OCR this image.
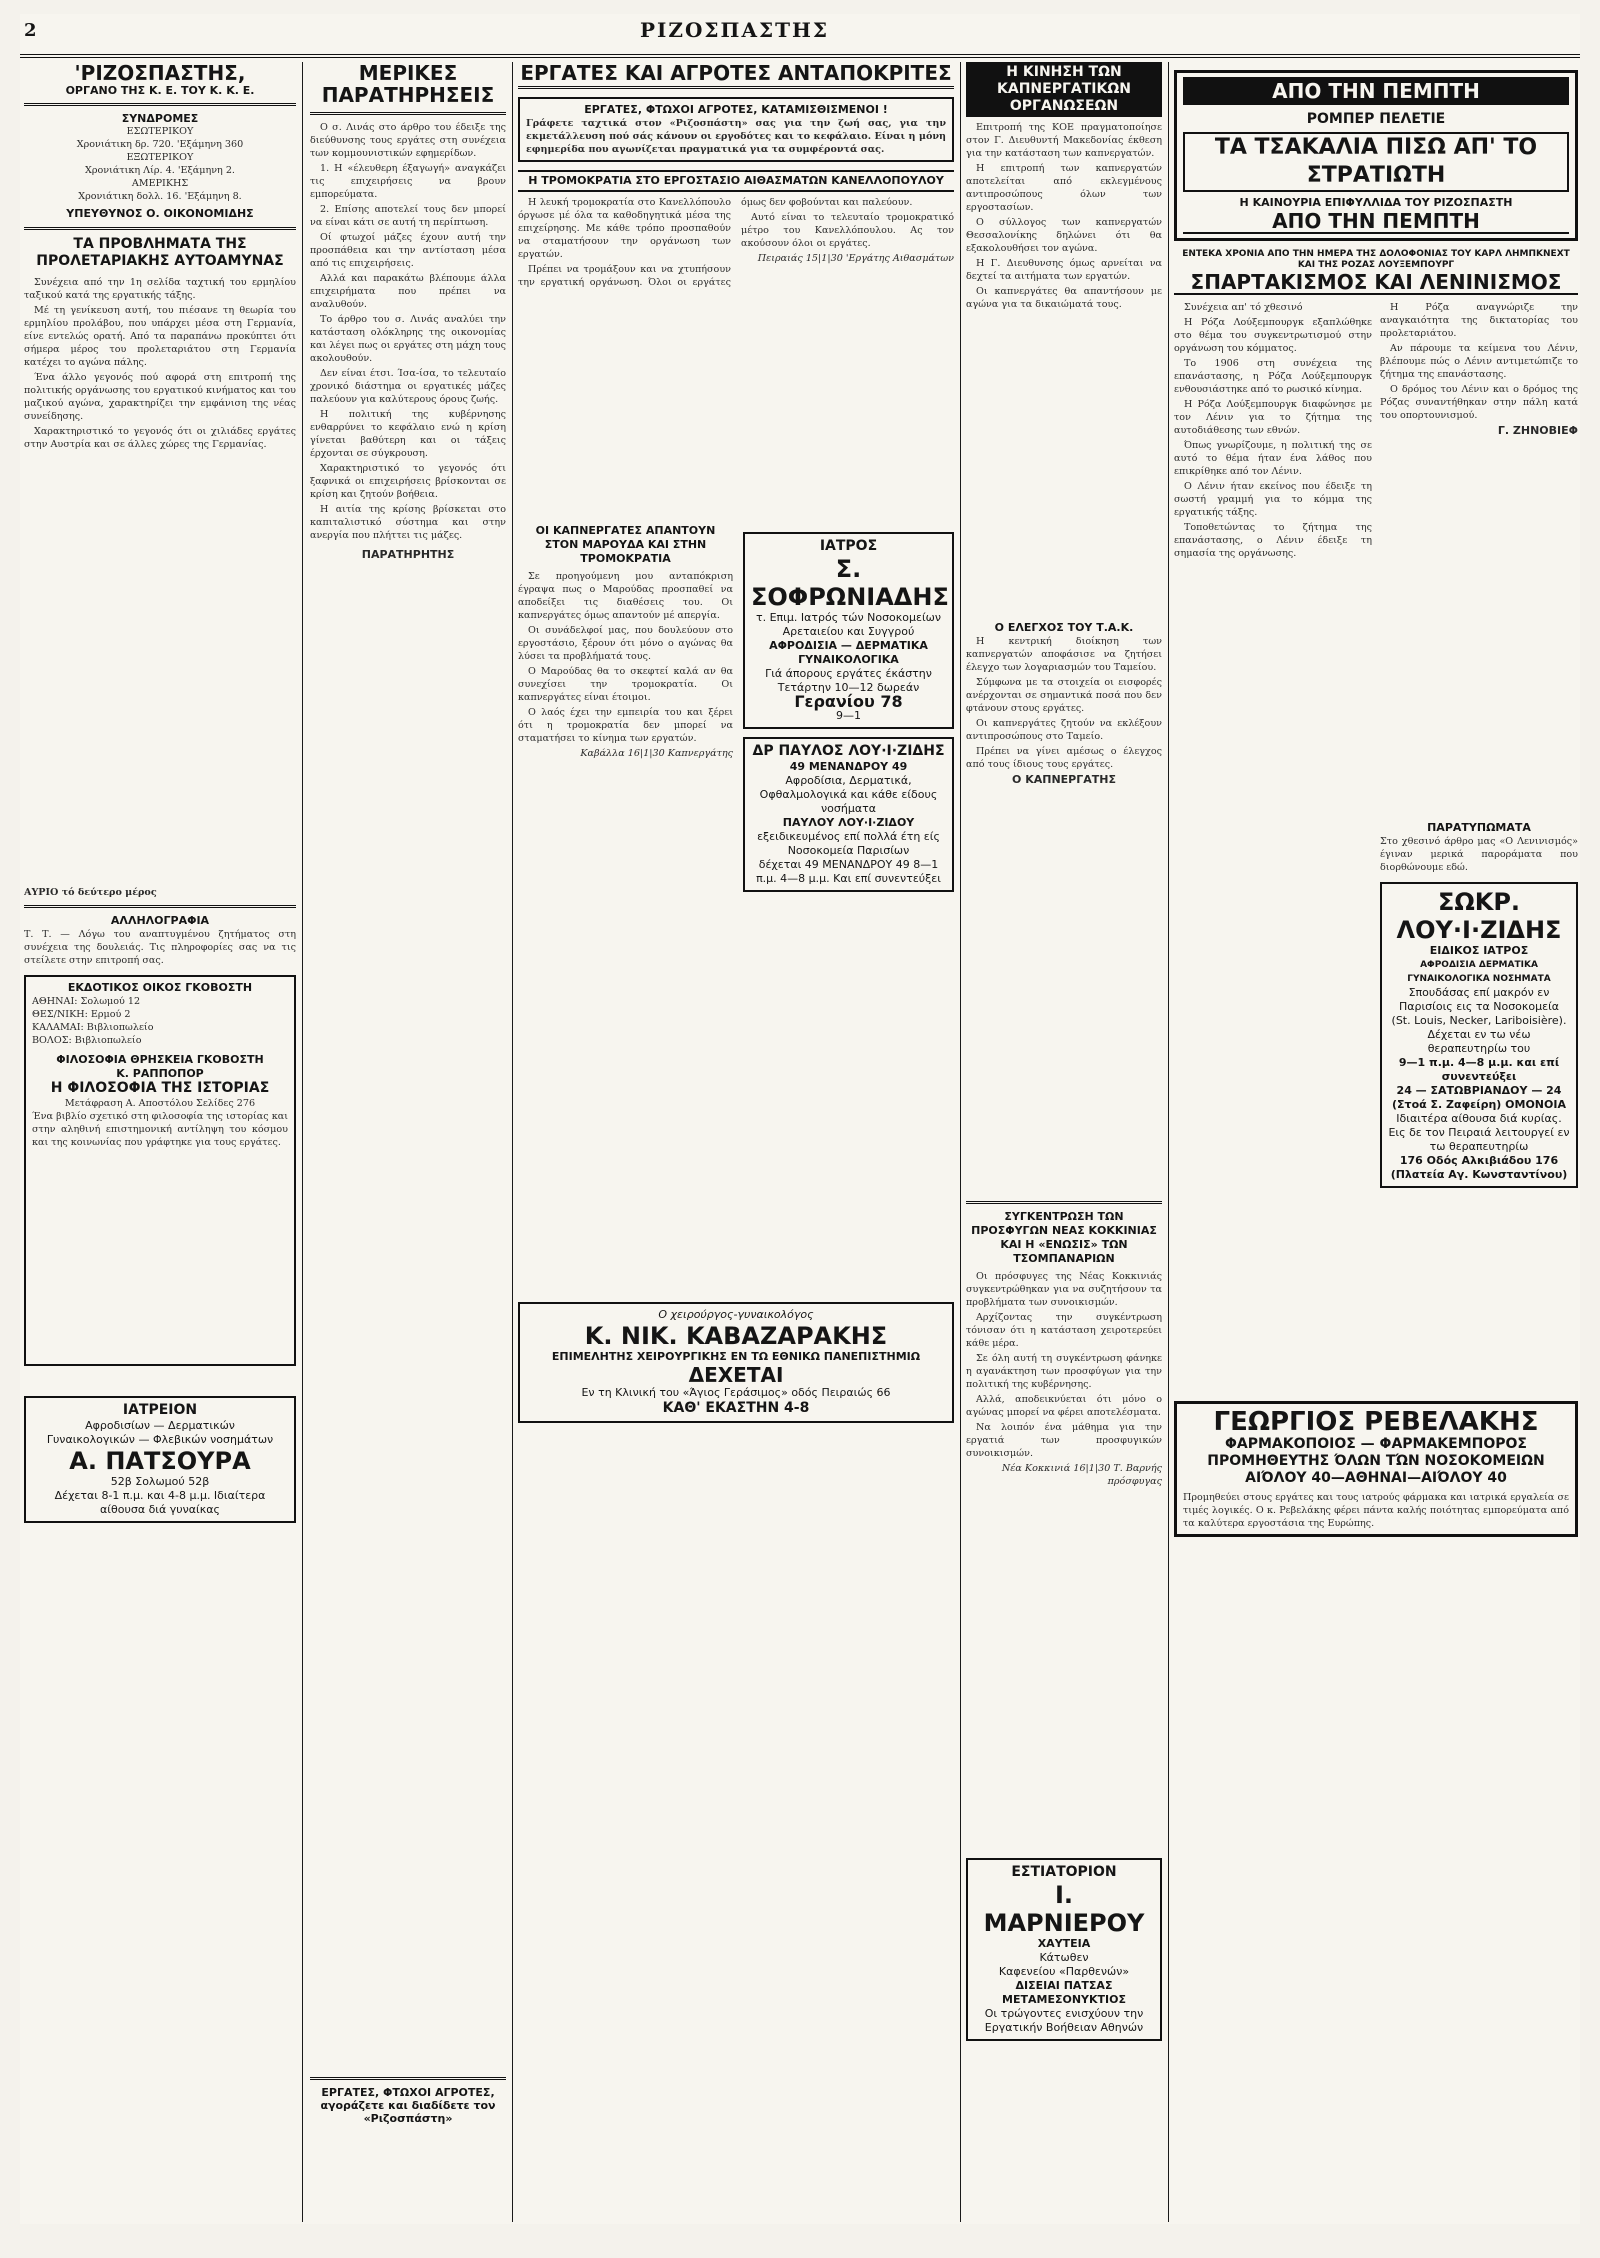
2	ΡΙΖΟΣΠΑΣΤΗΣ
'ΡΙΖΟΣΠΑΣΤΗΣ,
ΟΡΓΑΝΟ ΤΗΣ Κ. Ε. ΤΟΥ Κ. Κ. Ε.
ΣΥΝΔΡΟΜΕΣ
ΕΣΩΤΕΡΙΚΟΥ
Χρονιάτικη δρ. 720. 'Εξάμηνη 360
ΕΞΩΤΕΡΙΚΟΥ
Χρονιάτικη Λίρ. 4. 'Εξάμηνη 2.
ΑΜΕΡΙΚΗΣ
Χρονιάτικη δολλ. 16. 'Εξάμηνη 8.
ΥΠΕΥΘΥΝΟΣ Ο. ΟΙΚΟΝΟΜΙΔΗΣ
ΤΑ ΠΡΟΒΛΗΜΑΤΑ ΤΗΣ ΠΡΟΛΕΤΑΡΙΑΚΗΣ ΑΥΤΟΑΜΥΝΑΣ

Συνέχεια από την 1η σελίδα ταχτική του ερμηλίου ταξικού κατά της εργατικής τάξης.

Μέ τη γενίκευση αυτή, του πιέσανε τη θεωρία του ερμηλίου προλάβου, που υπάρχει μέσα στη Γερμανία, είνε εντελώς ορατή. Από τα παραπάνω προκύπτει ότι σήμερα μέρος του προλεταριάτου στη Γερμανία κατέχει το αγώνα πάλης.

Ένα άλλο γεγονός πού αφορά στη επιτροπή της πολιτικής οργάνωσης του εργατικού κινήματος και του μαζικού αγώνα, χαρακτηρίζει την εμφάνιση της νέας συνείδησης.

Χαρακτηριστικό το γεγονός ότι οι χιλιάδες εργάτες στην Αυστρία και σε άλλες χώρες της Γερμανίας.

ΑΥΡΙΟ τό δεύτερο μέρος
ΑΛΛΗΛΟΓΡΑΦΙΑ
Τ. Τ. — Λόγω του αναπτυγμένου ζητήματος στη συνέχεια της δουλειάς. Τις πληροφορίες σας να τις στείλετε στην επιτροπή σας.
ΕΚΔΟΤΙΚΟΣ ΟΙΚΟΣ ΓΚΟΒΟΣΤΗ
ΑΘΗΝΑΙ: Σολωμού 12
ΘΕΣ/ΝΙΚΗ: Ερμού 2
ΚΑΛΑΜΑΙ: Βιβλιοπωλείο
ΒΟΛΟΣ: Βιβλιοπωλείο
ΦΙΛΟΣΟΦΙΑ ΘΡΗΣΚΕΙΑ ΓΚΟΒΟΣΤΗ
Κ. ΡΑΠΠΟΠΟΡ
Η ΦΙΛΟΣΟΦΙΑ ΤΗΣ ΙΣΤΟΡΙΑΣ
Μετάφραση Α. Αποστόλου Σελίδες 276
Ένα βιβλίο σχετικό στη φιλοσοφία της ιστορίας και στην αληθινή επιστημονική αντίληψη του κόσμου και της κοινωνίας που γράφτηκε για τους εργάτες.
ΙΑΤΡΕΙΟΝ
Αφροδισίων — Δερματικών
Γυναικολογικών — Φλεβικών νοσημάτων
Α. ΠΑΤΣΟΥΡΑ
52β Σολωμού 52β
Δέχεται 8-1 π.μ. και 4-8 μ.μ. Ιδιαίτερα αίθουσα διά γυναίκας
ΜΕΡΙΚΕΣ ΠΑΡΑΤΗΡΗΣΕΙΣ

Ο σ. Λινάς στο άρθρο του έδειξε της διεύθυνσης τους εργάτες στη συνέχεια των κομμουνιστικών εφημερίδων.

1. Η «έλευθερη έξαγωγή» αναγκάζει τις επιχειρήσεις να βρουν εμπορεύματα.

2. Επίσης αποτελεί τους δεν μπορεί να είναι κάτι σε αυτή τη περίπτωση.

Οί φτωχοί μάζες έχουν αυτή την προσπάθεια και την αντίσταση μέσα από τις επιχειρήσεις.

Αλλά και παρακάτω βλέπουμε άλλα επιχειρήματα που πρέπει να αναλυθούν.

Το άρθρο του σ. Λινάς αναλύει την κατάσταση ολόκληρης της οικονομίας και λέγει πως οι εργάτες στη μάχη τους ακολουθούν.

Δεν είναι έτσι. Ίσα-ίσα, το τελευταίο χρονικό διάστημα οι εργατικές μάζες παλεύουν για καλύτερους όρους ζωής.

Η πολιτική της κυβέρνησης ενθαρρύνει το κεφάλαιο ενώ η κρίση γίνεται βαθύτερη και οι τάξεις έρχονται σε σύγκρουση.

Χαρακτηριστικό το γεγονός ότι ξαφνικά οι επιχειρήσεις βρίσκονται σε κρίση και ζητούν βοήθεια.

Η αιτία της κρίσης βρίσκεται στο καπιταλιστικό σύστημα και στην ανεργία που πλήττει τις μάζες.

ΠΑΡΑΤΗΡΗΤΗΣ
ΕΡΓΑΤΕΣ, ΦΤΩΧΟΙ ΑΓΡΟΤΕΣ, αγοράζετε και διαδίδετε τον «Ριζοσπάστη»
ΕΡΓΑΤΕΣ ΚΑΙ ΑΓΡΟΤΕΣ ΑΝΤΑΠΟΚΡΙΤΕΣ
ΕΡΓΑΤΕΣ, ΦΤΩΧΟΙ ΑΓΡΟΤΕΣ, ΚΑΤΑΜΙΣΘΙΣΜΕΝΟΙ !
Γράφετε ταχτικά στον «Ριζοσπάστη» σας για την ζωή σας, για την εκμετάλλευση πού σάς κάνουν οι εργοδότες και το κεφάλαιο. Είναι η μόνη εφημερίδα που αγωνίζεται πραγματικά για τα συμφέροντά σας.
Η ΤΡΟΜΟΚΡΑΤΙΑ ΣΤΟ ΕΡΓΟΣΤΑΣΙΟ ΑΙΘΑΣΜΑΤΩΝ ΚΑΝΕΛΛΟΠΟΥΛΟΥ

Η λευκή τρομοκρατία στο Κανελλόπουλο όργωσε μέ όλα τα καθοδηγητικά μέσα της επιχείρησης. Με κάθε τρόπο προσπαθούν να σταματήσουν την οργάνωση των εργατών.

Πρέπει να τρομάξουν και να χτυπήσουν την εργατική οργάνωση. Όλοι οι εργάτες όμως δεν φοβούνται και παλεύουν.

Αυτό είναι το τελευταίο τρομοκρατικό μέτρο του Κανελλόπουλου. Ας τον ακούσουν όλοι οι εργάτες.

Πειραιάς 15|1|30 'Εργάτης Αιθασμάτων

ΟΙ ΚΑΠΝΕΡΓΑΤΕΣ ΑΠΑΝΤΟΥΝ ΣΤΟΝ ΜΑΡΟΥΔΑ ΚΑΙ ΣΤΗΝ ΤΡΟΜΟΚΡΑΤΙΑ

Σε προηγούμενη μου ανταπόκριση έγραψα πως ο Μαρούδας προσπαθεί να αποδείξει τις διαθέσεις του. Οι καπνεργάτες όμως απαντούν μέ απεργία.

Οι συνάδελφοί μας, που δουλεύουν στο εργοστάσιο, ξέρουν ότι μόνο ο αγώνας θα λύσει τα προβλήματά τους.

Ο Μαρούδας θα το σκεφτεί καλά αν θα συνεχίσει την τρομοκρατία. Οι καπνεργάτες είναι έτοιμοι.

Ο λαός έχει την εμπειρία του και ξέρει ότι η τρομοκρατία δεν μπορεί να σταματήσει το κίνημα των εργατών.

Καβάλλα 16|1|30 Καπνεργάτης

ΙΑΤΡΟΣ
Σ. ΣΟΦΡΩΝΙΑΔΗΣ
τ. Επιμ. Ιατρός τών Νοσοκομείων Αρεταιείου και Συγγρού
ΑΦΡΟΔΙΣΙΑ — ΔΕΡΜΑΤΙΚΑ ΓΥΝΑΙΚΟΛΟΓΙΚΑ
Γιά άπορους εργάτες έκάστην Τετάρτην 10—12 δωρεάν
Γερανίου 78
9—1
ΔΡ ΠΑΥΛΟΣ ΛΟΥ·Ι·ΖΙΔΗΣ
49 ΜΕΝΑΝΔΡΟΥ 49
Αφροδίσια, Δερματικά, Οφθαλμολογικά και κάθε είδους νοσήματα
ΠΑΥΛΟΥ ΛΟΥ·Ι·ΖΙΔΟΥ
εξειδικευμένος επί πολλά έτη είς Νοσοκομεία Παρισίων
δέχεται 49 ΜΕΝΑΝΔΡΟΥ 49 8—1 π.μ. 4—8 μ.μ. Και επί συνεντεύξει
Ο χειρούργος-γυναικολόγος
Κ. ΝΙΚ. ΚΑΒΑΖΑΡΑΚΗΣ
ΕΠΙΜΕΛΗΤΗΣ ΧΕΙΡΟΥΡΓΙΚΗΣ ΕΝ ΤΩ ΕΘΝΙΚΩ ΠΑΝΕΠΙΣΤΗΜΙΩ
ΔΕΧΕΤΑΙ
Εν τη Κλινική του «Άγιος Γεράσιμος» οδός Πειραιώς 66
ΚΑΘ' ΕΚΑΣΤΗΝ 4-8
Η ΚΙΝΗΣΗ ΤΩΝ ΚΑΠΝΕΡΓΑΤΙΚΩΝ ΟΡΓΑΝΩΣΕΩΝ

Επιτροπή της ΚΟΕ πραγματοποίησε στον Γ. Διευθυντή Μακεδονίας έκθεση για την κατάσταση των καπνεργατών.

Η επιτροπή των καπνεργατών αποτελείται από εκλεγμένους αντιπροσώπους όλων των εργοστασίων.

Ο σύλλογος των καπνεργατών Θεσσαλονίκης δηλώνει ότι θα εξακολουθήσει τον αγώνα.

Η Γ. Διευθυνσης όμως αρνείται να δεχτεί τα αιτήματα των εργατών.

Οι καπνεργάτες θα απαντήσουν με αγώνα για τα δικαιώματά τους.

Ο ΕΛΕΓΧΟΣ ΤΟΥ Τ.Α.Κ.

Η κεντρική διοίκηση των καπνεργατών αποφάσισε να ζητήσει έλεγχο των λογαριασμών του Ταμείου.

Σύμφωνα με τα στοιχεία οι εισφορές ανέρχονται σε σημαντικά ποσά που δεν φτάνουν στους εργάτες.

Οι καπνεργάτες ζητούν να εκλέξουν αντιπροσώπους στο Ταμείο.

Πρέπει να γίνει αμέσως ο έλεγχος από τους ίδιους τους εργάτες.

Ο ΚΑΠΝΕΡΓΑΤΗΣ
ΣΥΓΚΕΝΤΡΩΣΗ ΤΩΝ ΠΡΟΣΦΥΓΩΝ ΝΕΑΣ ΚΟΚΚΙΝΙΑΣ ΚΑΙ Η «ΕΝΩΣΙΣ» ΤΩΝ ΤΣΟΜΠΑΝΑΡΙΩΝ

Οι πρόσφυγες της Νέας Κοκκινιάς συγκεντρώθηκαν για να συζητήσουν τα προβλήματα των συνοικισμών.

Αρχίζοντας την συγκέντρωση τόνισαν ότι η κατάσταση χειροτερεύει κάθε μέρα.

Σε όλη αυτή τη συγκέντρωση φάνηκε η αγανάκτηση των προσφύγων για την πολιτική της κυβέρνησης.

Αλλά, αποδεικνύεται ότι μόνο ο αγώνας μπορεί να φέρει αποτελέσματα.

Να λοιπόν ένα μάθημα για την εργατιά των προσφυγικών συνοικισμών.

Νέα Κοκκινιά 16|1|30 Τ. Βαρνής πρόσφυγας

ΕΣΤΙΑΤΟΡΙΟΝ
Ι. ΜΑΡΝΙΕΡΟΥ
ΧΑΥΤΕΙΑ
Κάτωθεν
Καφενείου «Παρθενών»
ΔΙΣΕΙΑΙ ΠΑΤΣΑΣ ΜΕΤΑΜΕΣΟΝΥΚΤΙΟΣ
Οι τρώγοντες ενισχύουν την Εργατικήν Βοήθειαν Αθηνών
ΑΠΟ ΤΗΝ ΠΕΜΠΤΗ
ΡΟΜΠΕΡ ΠΕΛΕΤΙΕ
ΤΑ ΤΣΑΚΑΛΙΑ ΠΙΣΩ ΑΠ' ΤΟ ΣΤΡΑΤΙΩΤΗ
Η ΚΑΙΝΟΥΡΙΑ ΕΠΙΦΥΛΛΙΔΑ ΤΟΥ ΡΙΖΟΣΠΑΣΤΗ
ΑΠΟ ΤΗΝ ΠΕΜΠΤΗ
ΕΝΤΕΚΑ ΧΡΟΝΙΑ ΑΠΟ ΤΗΝ ΗΜΕΡΑ ΤΗΣ ΔΟΛΟΦΟΝΙΑΣ ΤΟΥ ΚΑΡΛ ΛΗΜΠΚΝΕΧΤ ΚΑΙ ΤΗΣ ΡΟΖΑΣ ΛΟΥΞΕΜΠΟΥΡΓ
ΣΠΑΡΤΑΚΙΣΜΟΣ ΚΑΙ ΛΕΝΙΝΙΣΜΟΣ

Συνέχεια απ' τό χθεσινό

Η Ρόζα Λούξεμπουργκ εξαπλώθηκε στο θέμα του συγκεντρωτισμού στην οργάνωση του κόμματος.

Το 1906 στη συνέχεια της επανάστασης, η Ρόζα Λούξεμπουργκ ενθουσιάστηκε από το ρωσικό κίνημα.

Η Ρόζα Λούξεμπουργκ διαφώνησε με τον Λένιν για το ζήτημα της αυτοδιάθεσης των εθνών.

Όπως γνωρίζουμε, η πολιτική της σε αυτό το θέμα ήταν ένα λάθος που επικρίθηκε από τον Λένιν.

Ο Λένιν ήταν εκείνος που έδειξε τη σωστή γραμμή για το κόμμα της εργατικής τάξης.

Τοποθετώντας το ζήτημα της επανάστασης, ο Λένιν έδειξε τη σημασία της οργάνωσης.

Η Ρόζα αναγνώριζε την αναγκαιότητα της δικτατορίας του προλεταριάτου.

Αν πάρουμε τα κείμενα του Λένιν, βλέπουμε πώς ο Λένιν αντιμετώπιζε το ζήτημα της επανάστασης.

Ο δρόμος του Λένιν και ο δρόμος της Ρόζας συναντήθηκαν στην πάλη κατά του οπορτουνισμού.

Γ. ΖΗΝΟΒΙΕΦ
ΠΑΡΑΤΥΠΩΜΑΤΑ
Στο χθεσινό άρθρο μας «Ο Λενινισμός» έγιναν μερικά παροράματα που διορθώνουμε εδώ.
ΣΩΚΡ. ΛΟΥ·Ι·ΖΙΔΗΣ
ΕΙΔΙΚΟΣ ΙΑΤΡΟΣ
ΑΦΡΟΔΙΣΙΑ ΔΕΡΜΑΤΙΚΑ ΓΥΝΑΙΚΟΛΟΓΙΚΑ ΝΟΣΗΜΑΤΑ
Σπουδάσας επί μακρόν εν Παρισίοις εις τα Νοσοκομεία (St. Louis, Necker, Lariboisière). Δέχεται εν τω νέω θεραπευτηρίω του
9—1 π.μ. 4—8 μ.μ. και επί συνεντεύξει
24 — ΣΑΤΩΒΡΙΑΝΔΟΥ — 24 (Στοά Σ. Ζαφείρη) ΟΜΟΝΟΙΑ
Ιδιαιτέρα αίθουσα διά κυρίας. Εις δε τον Πειραιά λειτουργεί εν τω θεραπευτηρίω
176 Οδός Αλκιβιάδου 176 (Πλατεία Αγ. Κωνσταντίνου)
ΓΕΩΡΓΙΟΣ ΡΕΒΕΛΑΚΗΣ
ΦΑΡΜΑΚΟΠΟΙΟΣ — ΦΑΡΜΑΚΕΜΠΟΡΟΣ
ΠΡΟΜΗΘΕΥΤΗΣ ΌΛΩΝ ΤΏΝ ΝΟΣΟΚΟΜΕΙΩΝ
ΑΙΌΛΟΥ 40—ΑΘΗΝΑΙ—ΑΙΌΛΟΥ 40
Προμηθεύει στους εργάτες και τους ιατρούς φάρμακα και ιατρικά εργαλεία σε τιμές λογικές. Ο κ. Ρεβελάκης φέρει πάντα καλής ποιότητας εμπορεύματα από τα καλύτερα εργοστάσια της Ευρώπης.
